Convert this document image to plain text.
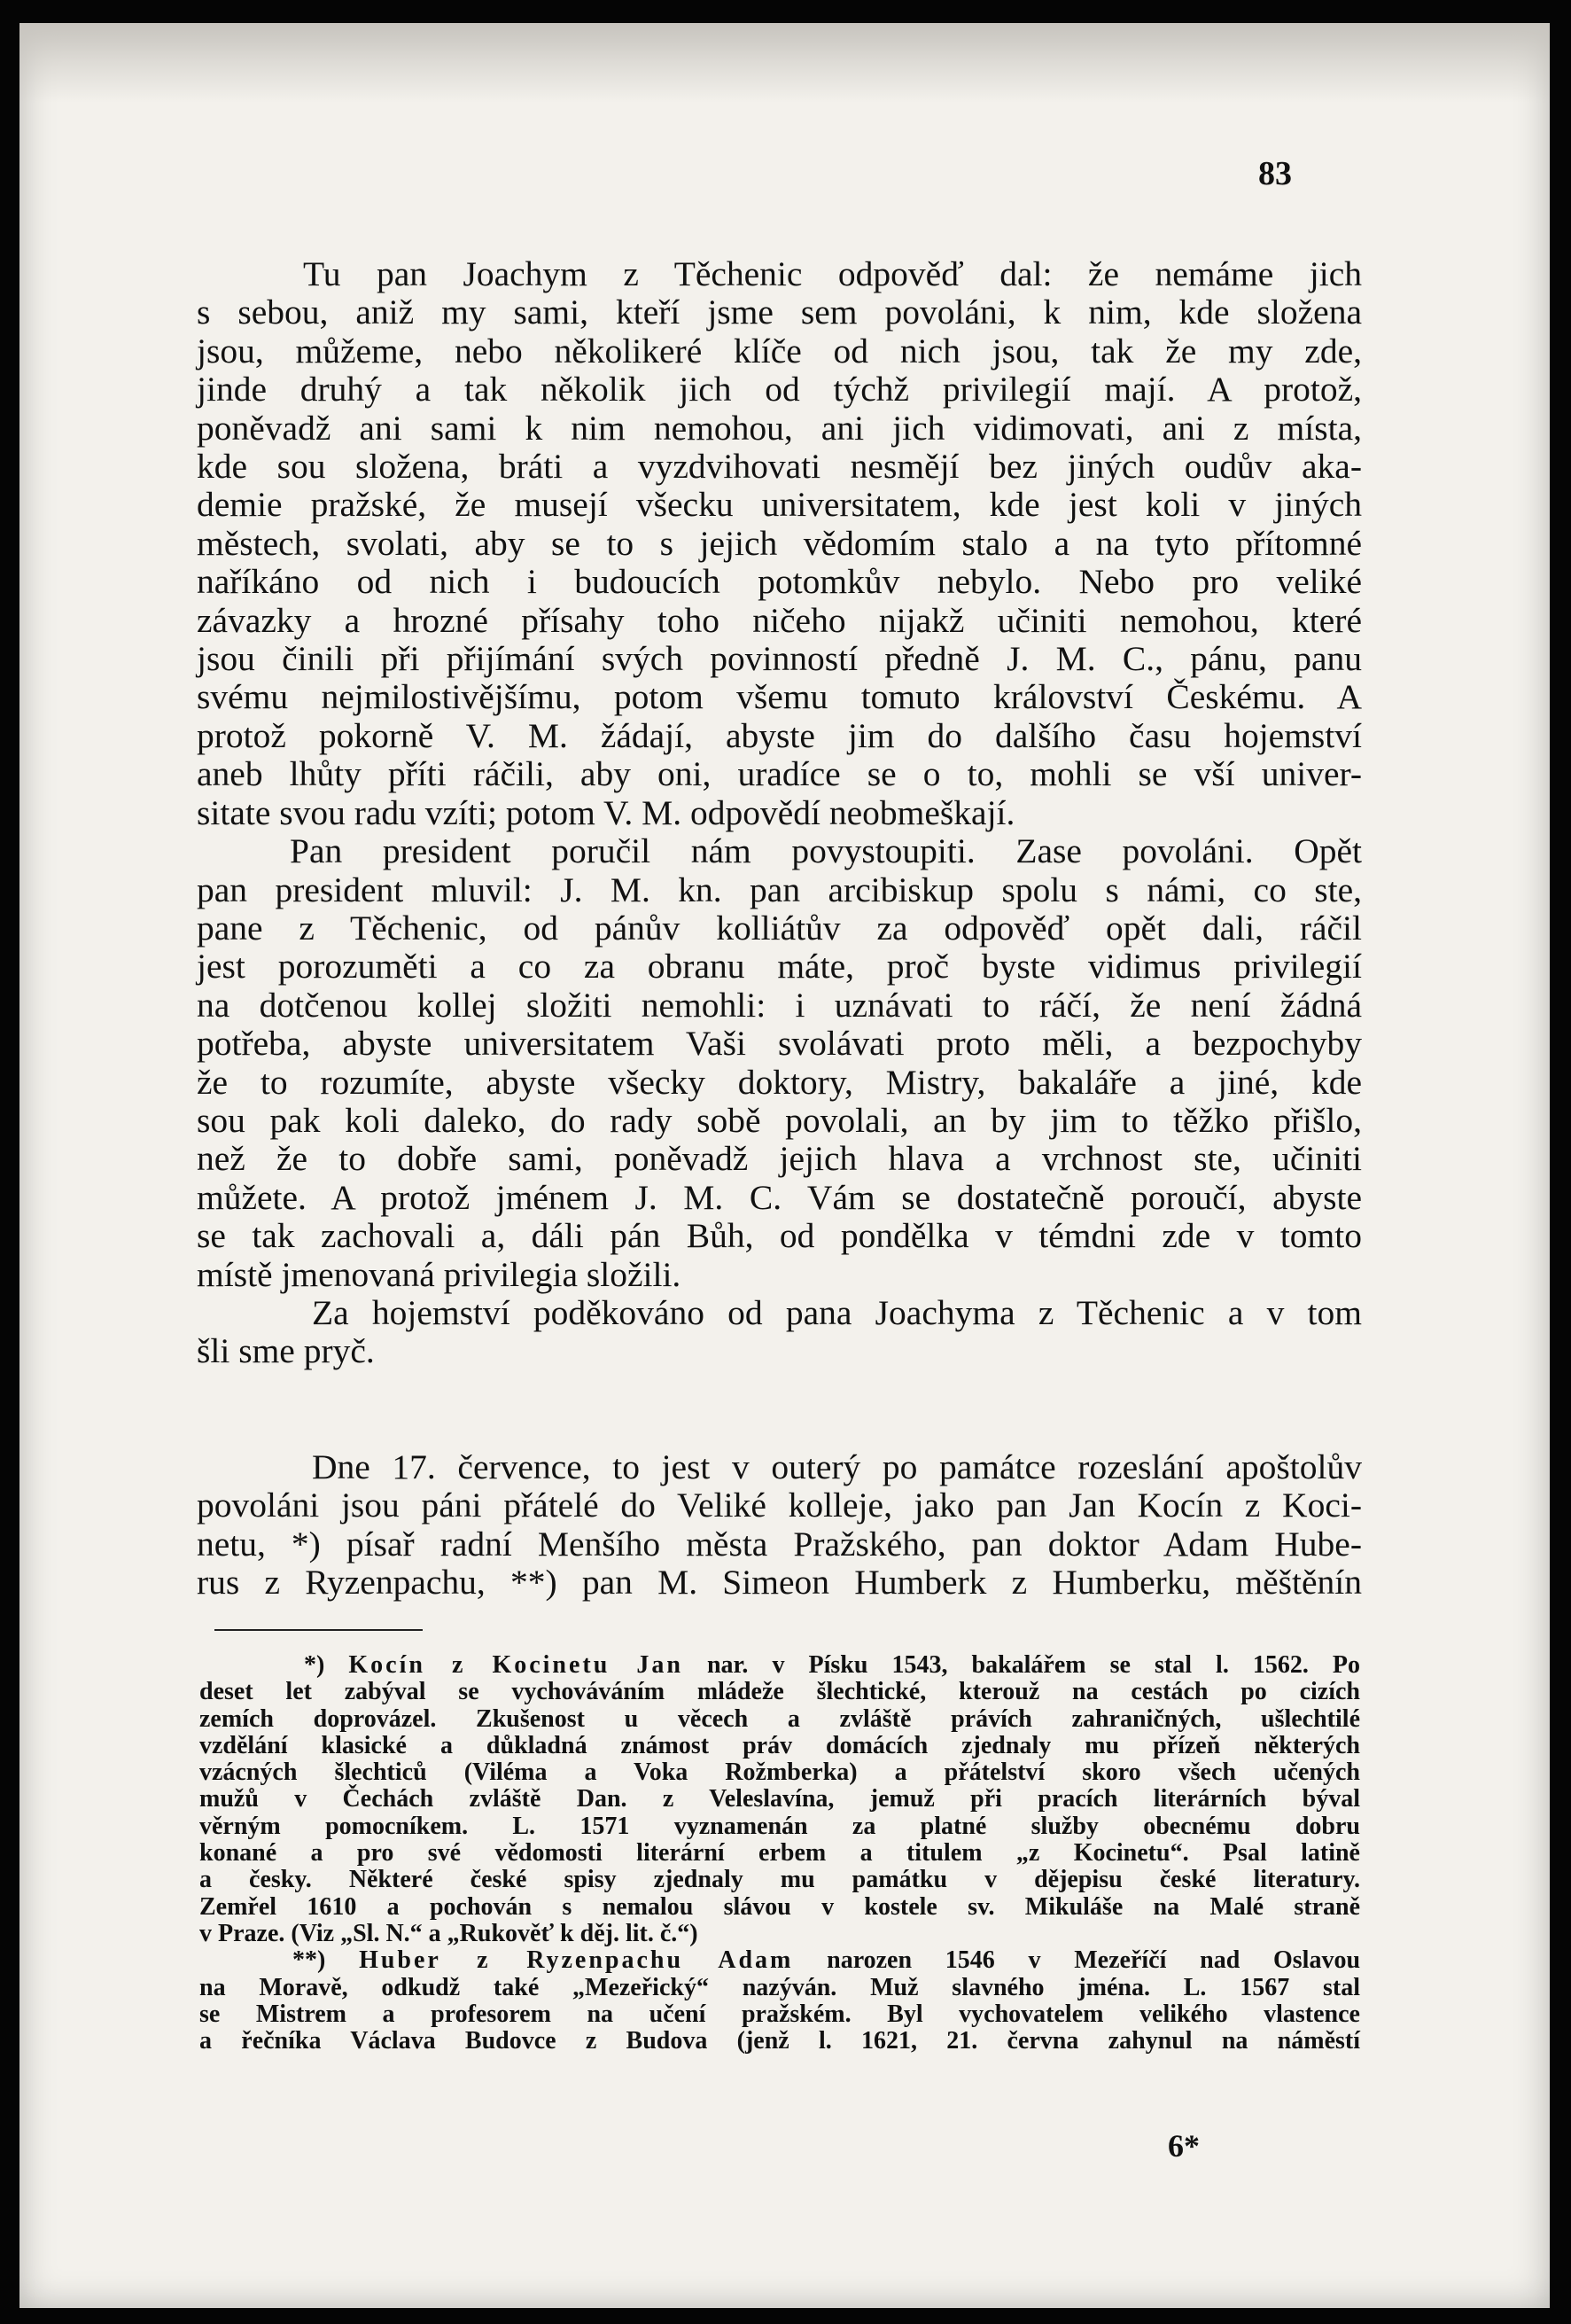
83
Tu pan Joachym z Těchenic odpověď dal: že nemáme jich
s sebou, aniž my sami, kteří jsme sem povoláni, k nim, kde složena
jsou, můžeme, nebo několikeré klíče od nich jsou, tak že my zde,
jinde druhý a tak několik jich od týchž privilegií mají. A protož,
poněvadž ani sami k nim nemohou, ani jich vidimovati, ani z místa,
kde sou složena, bráti a vyzdvihovati nesmějí bez jiných oudův aka-
demie pražské, že musejí všecku universitatem, kde jest koli v jiných
městech, svolati, aby se to s jejich vědomím stalo a na tyto přítomné
naříkáno od nich i budoucích potomkův nebylo. Nebo pro veliké
závazky a hrozné přísahy toho ničeho nijakž učiniti nemohou, které
jsou činili při přijímání svých povinností předně J. M. C., pánu, panu
svému nejmilostivějšímu, potom všemu tomuto království Českému. A
protož pokorně V. M. žádají, abyste jim do dalšího času hojemství
aneb lhůty příti ráčili, aby oni, uradíce se o to, mohli se vší univer-
sitate svou radu vzíti; potom V. M. odpovědí neobmeškají.
Pan president poručil nám povystoupiti. Zase povoláni. Opět
pan president mluvil: J. M. kn. pan arcibiskup spolu s námi, co ste,
pane z Těchenic, od pánův kolliátův za odpověď opět dali, ráčil
jest porozuměti a co za obranu máte, proč byste vidimus privilegií
na dotčenou kollej složiti nemohli: i uznávati to ráčí, že není žádná
potřeba, abyste universitatem Vaši svolávati proto měli, a bezpochyby
že to rozumíte, abyste všecky doktory, Mistry, bakaláře a jiné, kde
sou pak koli daleko, do rady sobě povolali, an by jim to těžko přišlo,
než že to dobře sami, poněvadž jejich hlava a vrchnost ste, učiniti
můžete. A protož jménem J. M. C. Vám se dostatečně poroučí, abyste
se tak zachovali a, dáli pán Bůh, od pondělka v témdni zde v tomto
místě jmenovaná privilegia složili.
Za hojemství poděkováno od pana Joachyma z Těchenic a v tom
šli sme pryč.
Dne 17. července, to jest v outerý po památce rozeslání apoštolův
povoláni jsou páni přátelé do Veliké kolleje, jako pan Jan Kocín z Koci-
netu, *) písař radní Menšího města Pražského, pan doktor Adam Hube-
rus z Ryzenpachu, **) pan M. Simeon Humberk z Humberku, měštěnín
*) Kocín z Kocinetu Jan nar. v Písku 1543, bakalářem se stal l. 1562. Po
deset let zabýval se vychováváním mládeže šlechtické, kterouž na cestách po cizích
zemích doprovázel. Zkušenost u věcech a zvláště právích zahraničných, ušlechtilé
vzdělání klasické a důkladná známost práv domácích zjednaly mu přízeň některých
vzácných šlechticů (Viléma a Voka Rožmberka) a přátelství skoro všech učených
mužů v Čechách zvláště Dan. z Veleslavína, jemuž při pracích literárních býval
věrným pomocníkem. L. 1571 vyznamenán za platné služby obecnému dobru
konané a pro své vědomosti literární erbem a titulem „z Kocinetu“. Psal latině
a česky. Některé české spisy zjednaly mu památku v dějepisu české literatury.
Zemřel 1610 a pochován s nemalou slávou v kostele sv. Mikuláše na Malé straně
v Praze. (Viz „Sl. N.“ a „Rukověť k děj. lit. č.“)
**) Huber z Ryzenpachu Adam narozen 1546 v Mezeříčí nad Oslavou
na Moravě, odkudž také „Mezeřický“ nazýván. Muž slavného jména. L. 1567 stal
se Mistrem a profesorem na učení pražském. Byl vychovatelem velikého vlastence
a řečníka Václava Budovce z Budova (jenž l. 1621, 21. června zahynul na náměstí
6*
